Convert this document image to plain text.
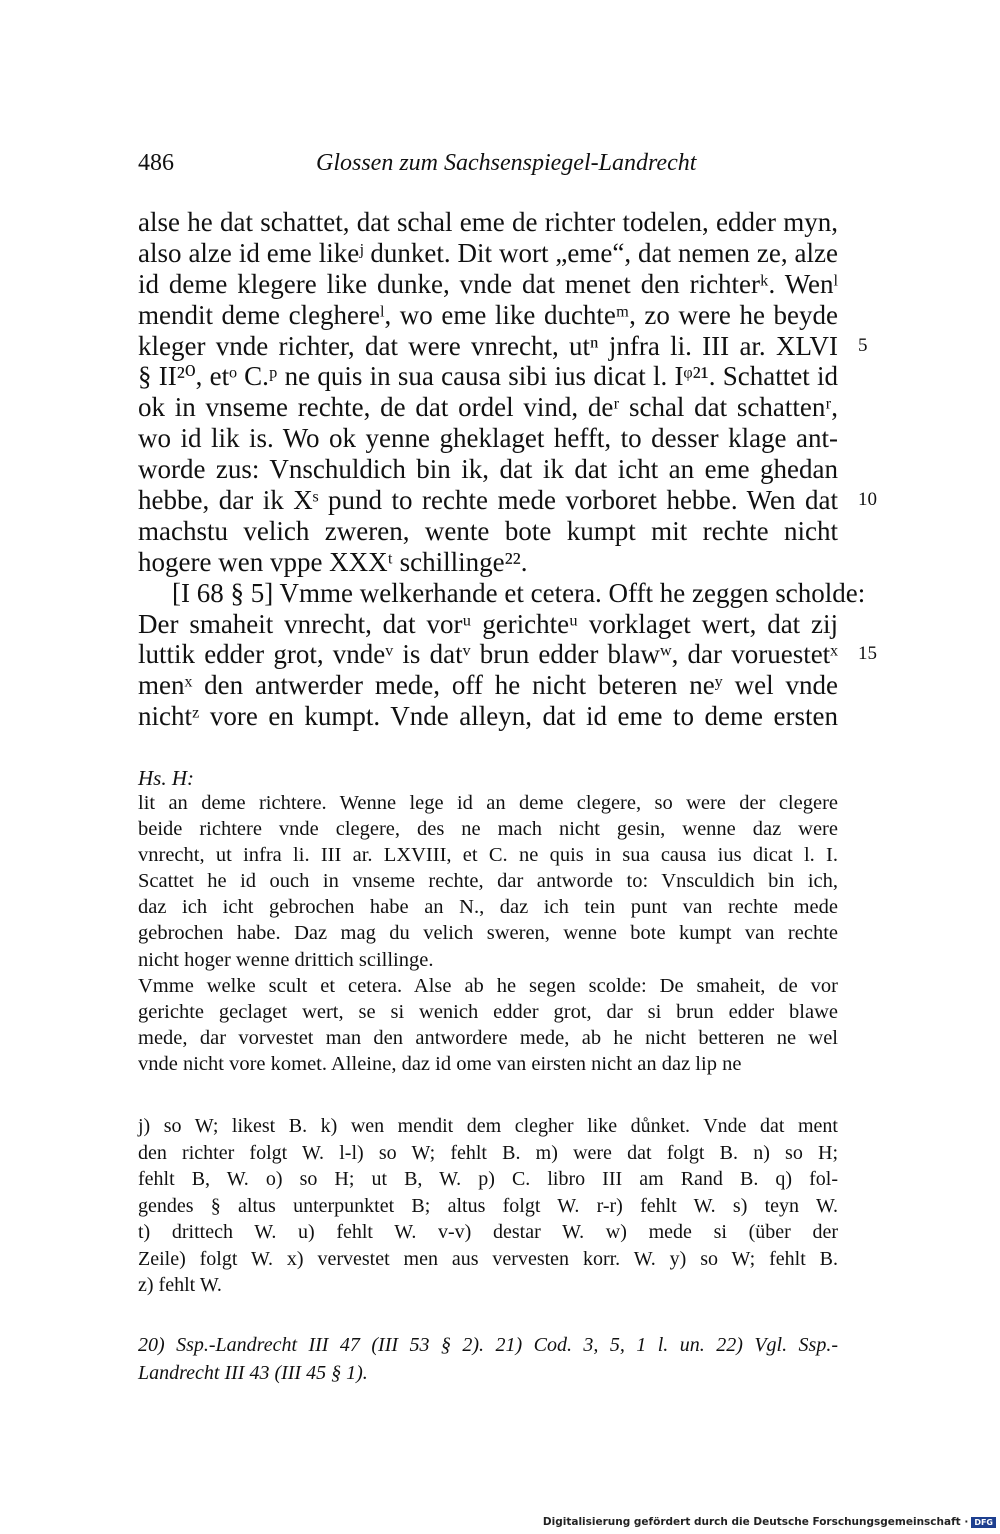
486	Glossen zum Sachsenspiegel-Landrecht
alse he dat schattet, dat schal eme de richter todelen, edder myn,
also alze id eme likeʲ dunket. Dit wort „eme“, dat nemen ze, alze
id deme klegere like dunke, vnde dat menet den richterᵏ. Wenˡ
mendit deme cleghereˡ, wo eme like duchteᵐ, zo were he beyde
kleger vnde richter, dat were vnrecht, utⁿ jnfra li. III ar. XLVI 5
§ II²⁰, etᵒ C.ᵖ ne quis in sua causa sibi ius dicat l. Iᵠ²¹. Schattet id
ok in vnseme rechte, de dat ordel vind, deʳ schal dat schattenʳ,
wo id lik is. Wo ok yenne gheklaget hefft, to desser klage ant-
worde zus: Vnschuldich bin ik, dat ik dat icht an eme ghedan
hebbe, dar ik Xˢ pund to rechte mede vorboret hebbe. Wen dat 10
machstu velich zweren, wente bote kumpt mit rechte nicht
hogere wen vppe XXXᵗ schillinge²².
[I 68 § 5] Vmme welkerhande et cetera. Offt he zeggen scholde:
Der smaheit vnrecht, dat vorᵘ gerichteᵘ vorklaget wert, dat zij
luttik edder grot, vndeᵛ is datᵛ brun edder blawʷ, dar voruestetˣ 15
menˣ den antwerder mede, off he nicht beteren neʸ wel vnde
nichtᶻ vore en kumpt. Vnde alleyn, dat id eme to deme ersten
Hs. H:
lit an deme richtere. Wenne lege id an deme clegere, so were der clegere
beide richtere vnde clegere, des ne mach nicht gesin, wenne daz were
vnrecht, ut infra li. III ar. LXVIII, et C. ne quis in sua causa ius dicat l. I.
Scattet he id ouch in vnseme rechte, dar antworde to: Vnsculdich bin ich,
daz ich icht gebrochen habe an N., daz ich tein punt van rechte mede
gebrochen habe. Daz mag du velich sweren, wenne bote kumpt van rechte
nicht hoger wenne drittich scillinge.
Vmme welke scult et cetera. Alse ab he segen scolde: De smaheit, de vor
gerichte geclaget wert, se si wenich edder grot, dar si brun edder blawe
mede, dar vorvestet man den antwordere mede, ab he nicht betteren ne wel
vnde nicht vore komet. Alleine, daz id ome van eirsten nicht an daz lip ne
j) so W; likest B. k) wen mendit dem clegher like důnket. Vnde dat ment
den richter folgt W. l-l) so W; fehlt B. m) were dat folgt B. n) so H;
fehlt B, W. o) so H; ut B, W. p) C. libro III am Rand B. q) fol-
gendes § altus unterpunktet B; altus folgt W. r-r) fehlt W. s) teyn W.
t) drittech W. u) fehlt W. v-v) destar W. w) mede si (über der
Zeile) folgt W. x) vervestet men aus vervesten korr. W. y) so W; fehlt B.
z) fehlt W.
20) Ssp.-Landrecht III 47 (III 53 § 2). 21) Cod. 3, 5, 1 l. un. 22) Vgl. Ssp.-
Landrecht III 43 (III 45 § 1).
Digitalisierung gefördert durch die Deutsche Forschungsgemeinschaft · DFG
